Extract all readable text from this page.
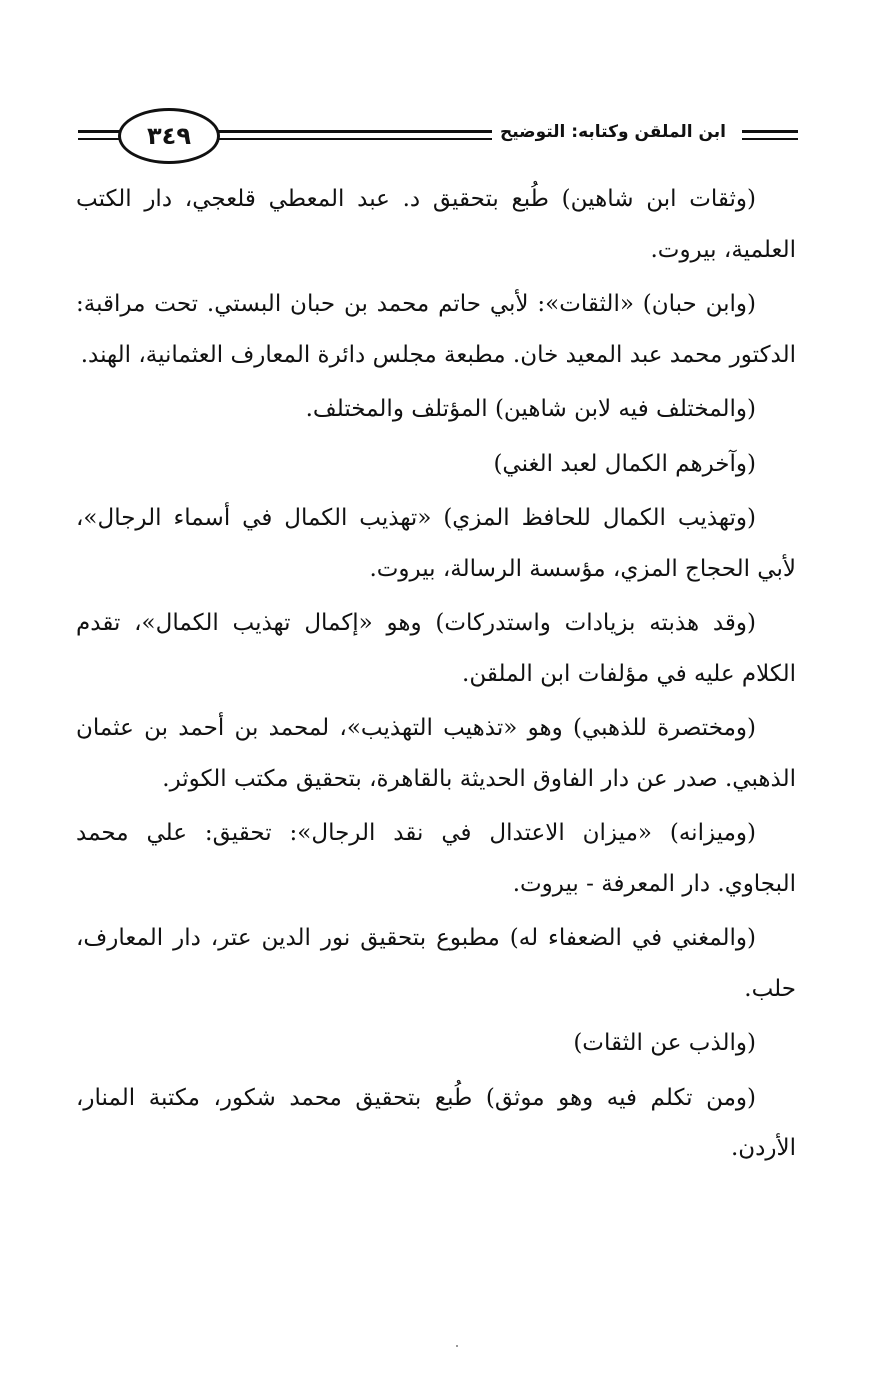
ابن الملقن وكتابه: التوضيح
٣٤٩

(وثقات ابن شاهين) طُبع بتحقيق د. عبد المعطي قلعجي، دار الكتب العلمية، بيروت.

(وابن حبان) «الثقات»: لأبي حاتم محمد بن حبان البستي. تحت مراقبة: الدكتور محمد عبد المعيد خان. مطبعة مجلس دائرة المعارف العثمانية، الهند.

(والمختلف فيه لابن شاهين) المؤتلف والمختلف.

(وآخرهم الكمال لعبد الغني)

(وتهذيب الكمال للحافظ المزي) «تهذيب الكمال في أسماء الرجال»، لأبي الحجاج المزي، مؤسسة الرسالة، بيروت.

(وقد هذبته بزيادات واستدركات) وهو «إكمال تهذيب الكمال»، تقدم الكلام عليه في مؤلفات ابن الملقن.

(ومختصرة للذهبي) وهو «تذهيب التهذيب»، لمحمد بن أحمد بن عثمان الذهبي. صدر عن دار الفاوق الحديثة بالقاهرة، بتحقيق مكتب الكوثر.

(وميزانه) «ميزان الاعتدال في نقد الرجال»: تحقيق: علي محمد البجاوي. دار المعرفة - بيروت.

(والمغني في الضعفاء له) مطبوع بتحقيق نور الدين عتر، دار المعارف، حلب.

(والذب عن الثقات)

(ومن تكلم فيه وهو موثق) طُبع بتحقيق محمد شكور، مكتبة المنار، الأردن.
